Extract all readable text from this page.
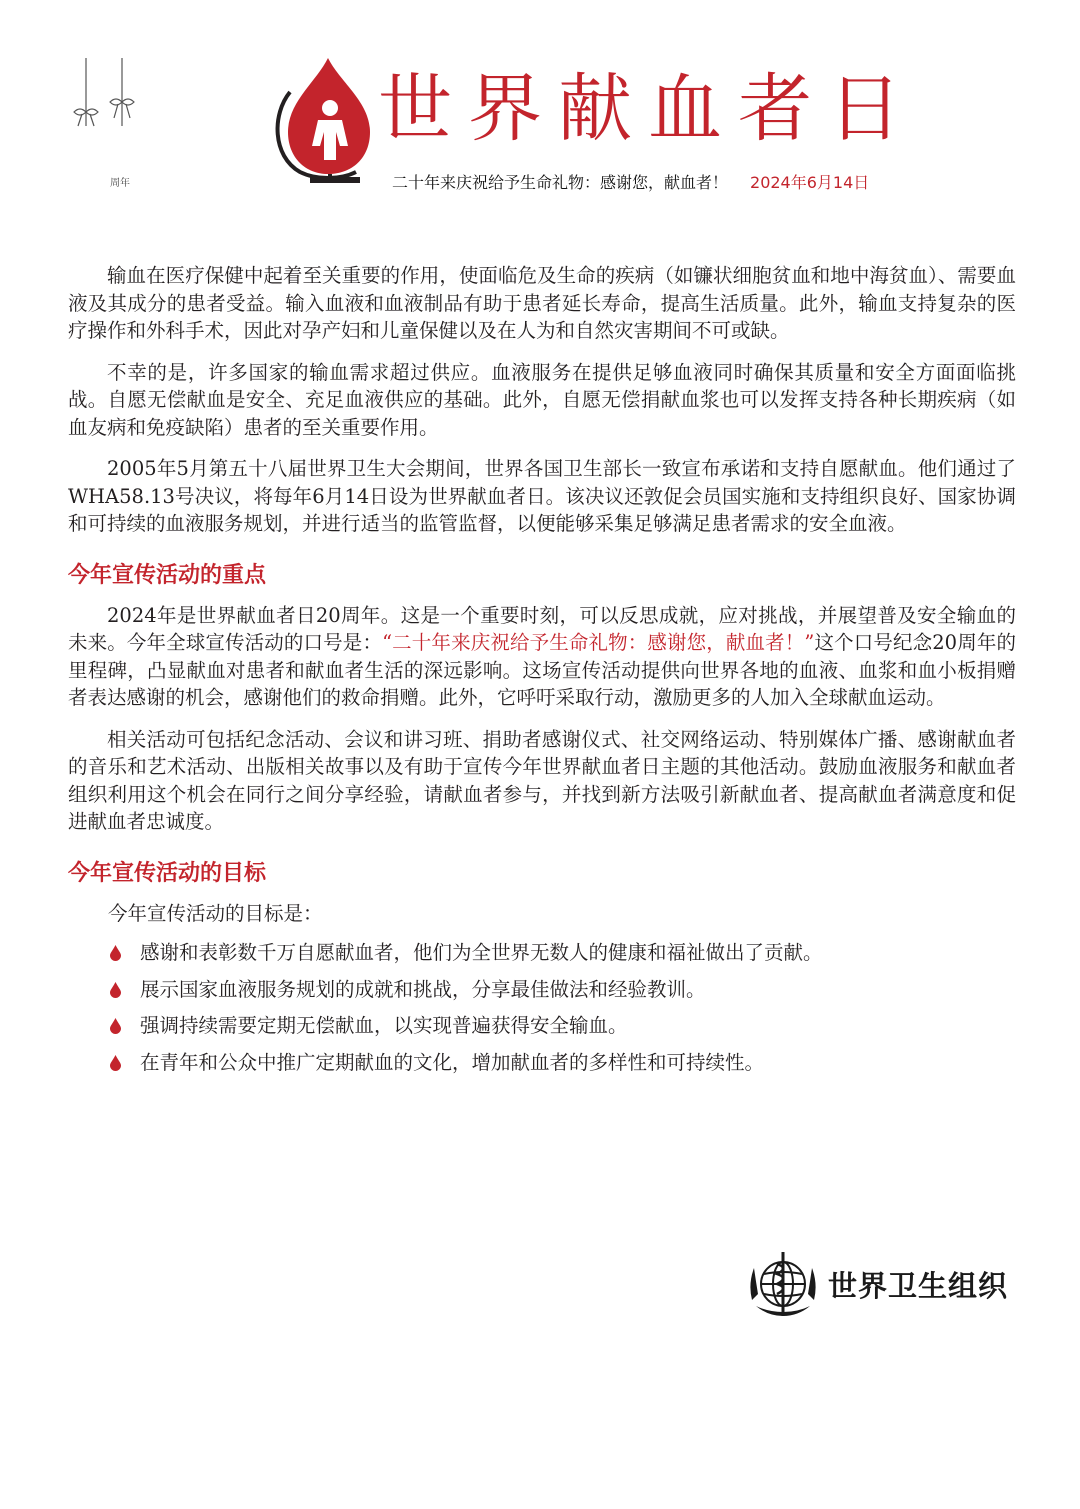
周年
世界献血者日
二十年来庆祝给予生命礼物：感谢您，献血者！ 2024年6月14日

输血在医疗保健中起着至关重要的作用，使面临危及生命的疾病（如镰状细胞贫血和地中海贫血）、需要血液及其成分的患者受益。输入血液和血液制品有助于患者延长寿命，提高生活质量。此外，输血支持复杂的医疗操作和外科手术，因此对孕产妇和儿童保健以及在人为和自然灾害期间不可或缺。

不幸的是，许多国家的输血需求超过供应。血液服务在提供足够血液同时确保其质量和安全方面面临挑战。自愿无偿献血是安全、充足血液供应的基础。此外，自愿无偿捐献血浆也可以发挥支持各种长期疾病（如血友病和免疫缺陷）患者的至关重要作用。

2005年5月第五十八届世界卫生大会期间，世界各国卫生部长一致宣布承诺和支持自愿献血。他们通过了WHA58.13号决议，将每年6月14日设为世界献血者日。该决议还敦促会员国实施和支持组织良好、国家协调和可持续的血液服务规划，并进行适当的监管监督，以便能够采集足够满足患者需求的安全血液。

今年宣传活动的重点

2024年是世界献血者日20周年。这是一个重要时刻，可以反思成就，应对挑战，并展望普及安全输血的未来。今年全球宣传活动的口号是：“二十年来庆祝给予生命礼物：感谢您，献血者！”这个口号纪念20周年的里程碑，凸显献血对患者和献血者生活的深远影响。这场宣传活动提供向世界各地的血液、血浆和血小板捐赠者表达感谢的机会，感谢他们的救命捐赠。此外，它呼吁采取行动，激励更多的人加入全球献血运动。

相关活动可包括纪念活动、会议和讲习班、捐助者感谢仪式、社交网络运动、特别媒体广播、感谢献血者的音乐和艺术活动、出版相关故事以及有助于宣传今年世界献血者日主题的其他活动。鼓励血液服务和献血者组织利用这个机会在同行之间分享经验，请献血者参与，并找到新方法吸引新献血者、提高献血者满意度和促进献血者忠诚度。

今年宣传活动的目标

今年宣传活动的目标是：

感谢和表彰数千万自愿献血者，他们为全世界无数人的健康和福祉做出了贡献。
展示国家血液服务规划的成就和挑战，分享最佳做法和经验教训。
强调持续需要定期无偿献血，以实现普遍获得安全输血。
在青年和公众中推广定期献血的文化，增加献血者的多样性和可持续性。
世界卫生组织
